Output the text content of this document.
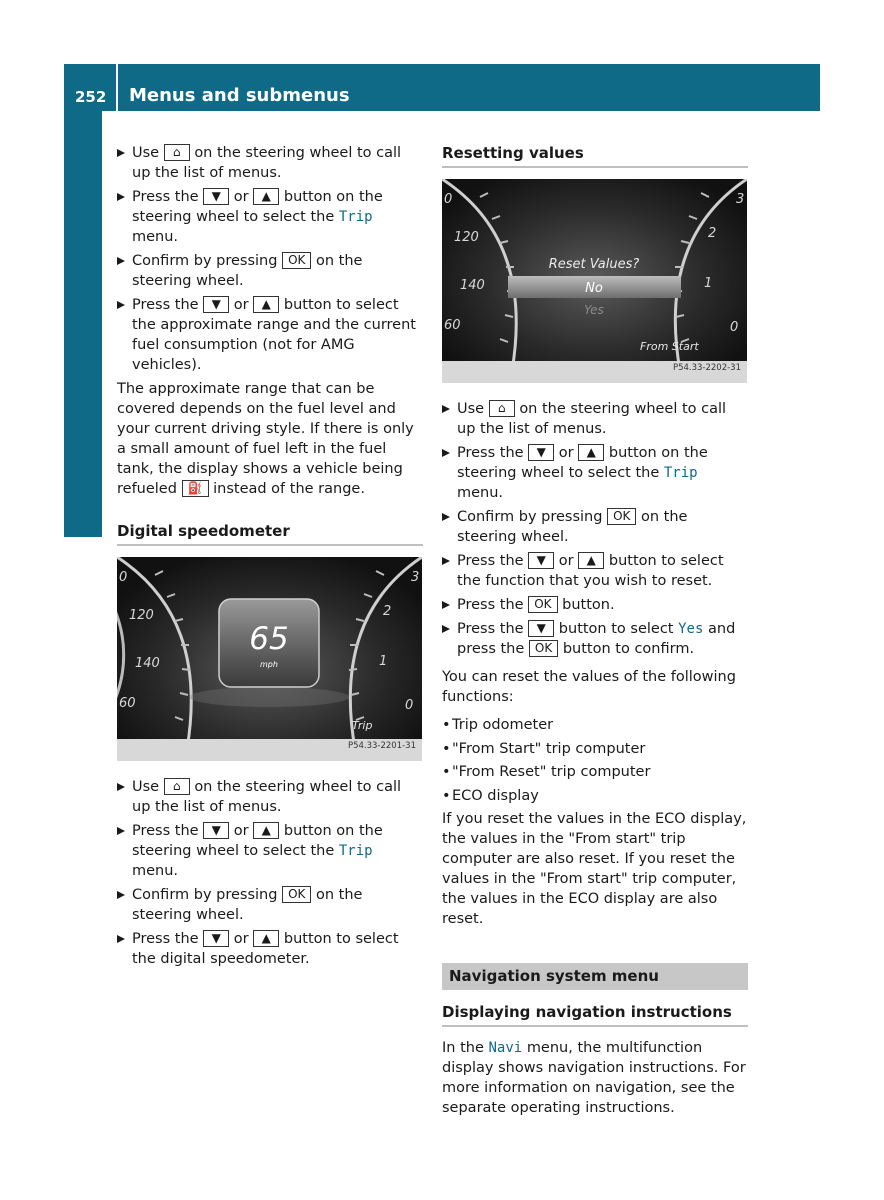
252 Menus and submenus
On-board computer and displays	Use ⌂ on the steering wheel to call up the list of menus.
Press the ▼ or ▲ button on the steering wheel to select the Trip menu.
Confirm by pressing OK on the steering wheel.
Press the ▼ or ▲ button to select the approximate range and the current fuel consumption (not for AMG vehicles).

The approximate range that can be covered depends on the fuel level and your current driving style. If there is only a small amount of fuel left in the fuel tank, the display shows a vehicle being refueled ⛽ instead of the range.

Digital speedometer
0
120
140
60
3
2
1
0
65
mph
Trip
P54.33-2201-31
Use ⌂ on the steering wheel to call up the list of menus.
Press the ▼ or ▲ button on the steering wheel to select the Trip menu.
Confirm by pressing OK on the steering wheel.
Press the ▼ or ▲ button to select the digital speedometer.
Resetting values
0
120
140
60
3
2
1
0
Reset Values?
No
Yes
From Start
P54.33-2202-31
Use ⌂ on the steering wheel to call up the list of menus.
Press the ▼ or ▲ button on the steering wheel to select the Trip menu.
Confirm by pressing OK on the steering wheel.
Press the ▼ or ▲ button to select the function that you wish to reset.
Press the OK button.
Press the ▼ button to select Yes and press the OK button to confirm.

You can reset the values of the following functions:

• Trip odometer
• "From Start" trip computer
• "From Reset" trip computer
• ECO display

If you reset the values in the ECO display, the values in the "From start" trip computer are also reset. If you reset the values in the "From start" trip computer, the values in the ECO display are also reset.

Navigation system menu
Displaying navigation instructions

In the Navi menu, the multifunction display shows navigation instructions. For more information on navigation, see the separate operating instructions.
